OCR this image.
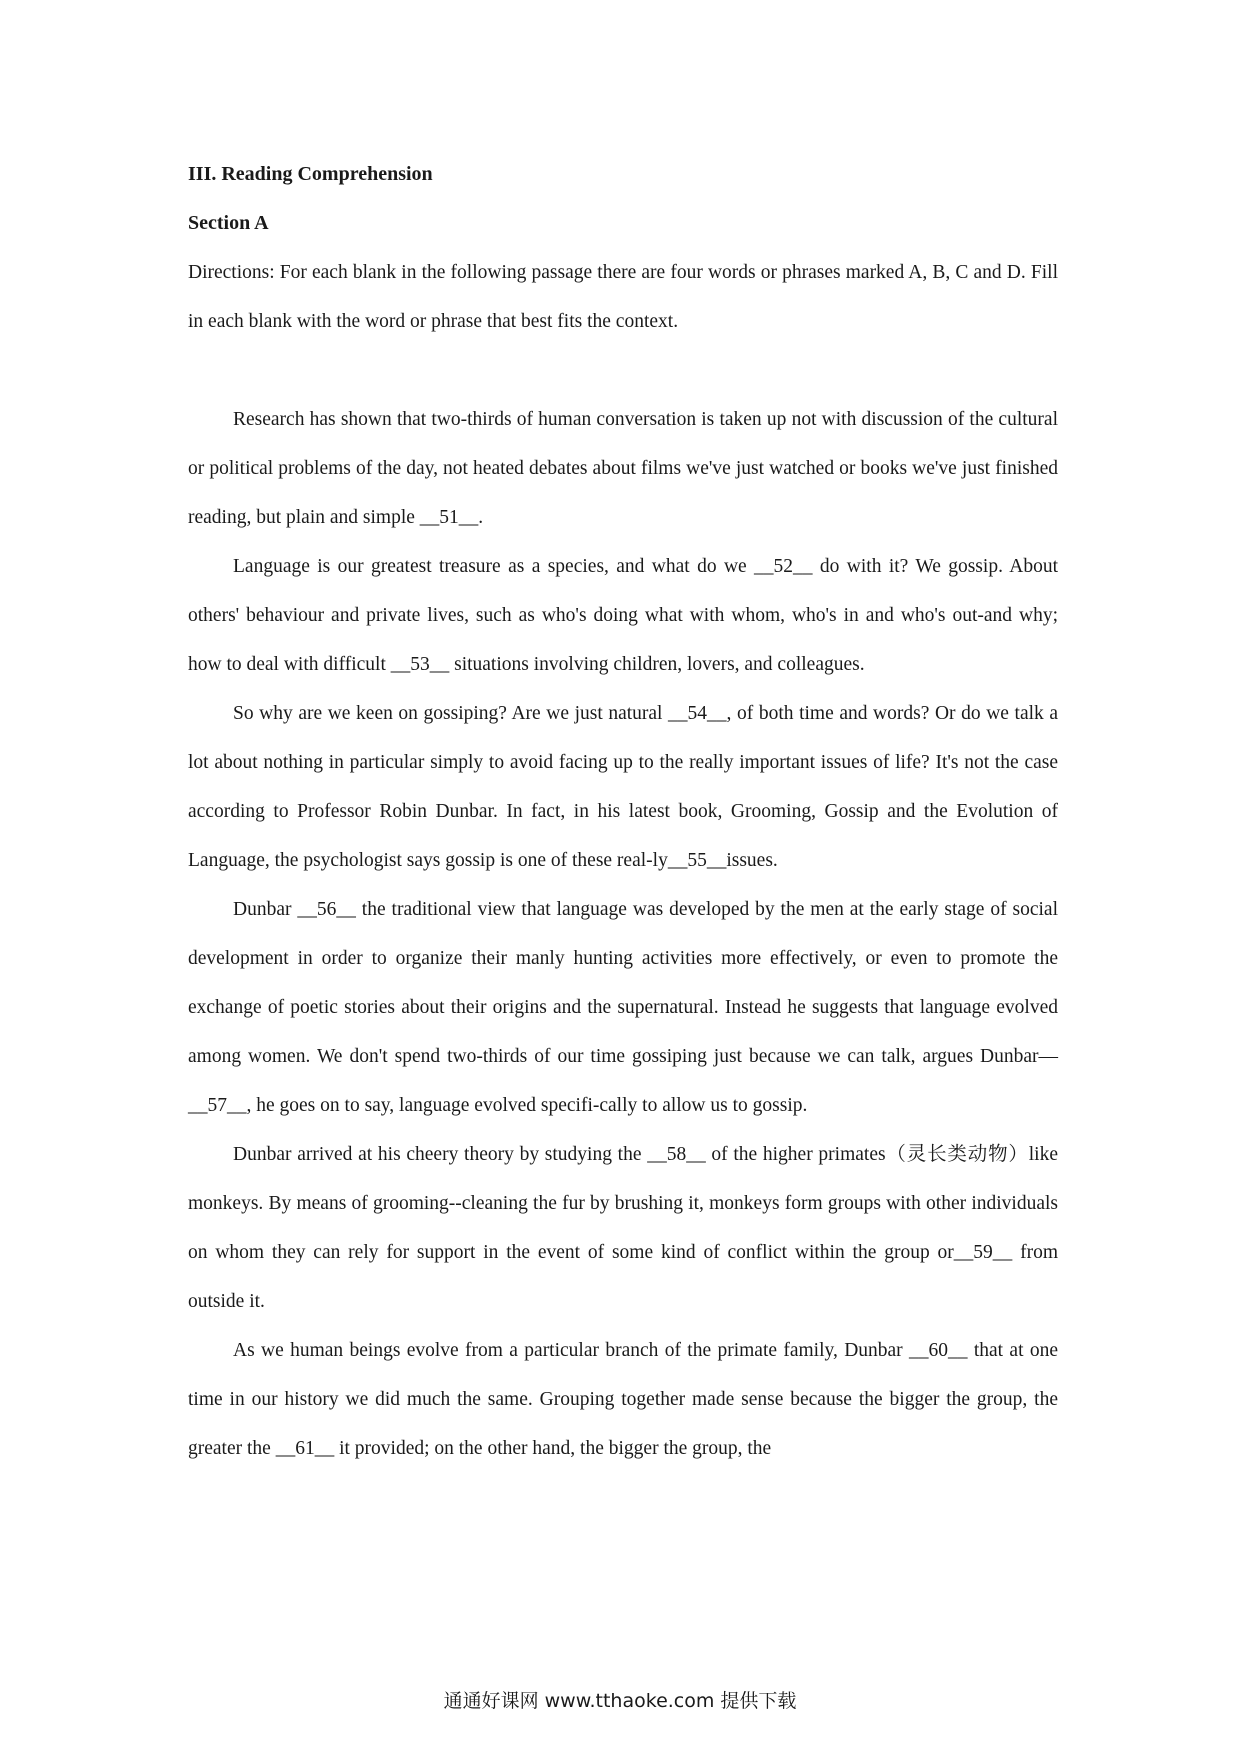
III. Reading Comprehension

Section A

Directions: For each blank in the following passage there are four words or phrases marked A, B, C and D. Fill in each blank with the word or phrase that best fits the context.

Research has shown that two-thirds of human conversation is taken up not with discussion of the cultural or political problems of the day, not heated debates about films we've just watched or books we've just finished reading, but plain and simple __51__.

Language is our greatest treasure as a species, and what do we __52__ do with it? We gossip. About others' behaviour and private lives, such as who's doing what with whom, who's in and who's out-and why; how to deal with difficult __53__ situations involving children, lovers, and colleagues.

So why are we keen on gossiping? Are we just natural __54__, of both time and words? Or do we talk a lot about nothing in particular simply to avoid facing up to the really important issues of life? It's not the case according to Professor Robin Dunbar. In fact, in his latest book, Grooming, Gossip and the Evolution of Language, the psychologist says gossip is one of these real-ly__55__issues.

Dunbar __56__ the traditional view that language was developed by the men at the early stage of social development in order to organize their manly hunting activities more effectively, or even to promote the exchange of poetic stories about their origins and the supernatural. Instead he suggests that language evolved among women. We don't spend two-thirds of our time gossiping just because we can talk, argues Dunbar—__57__, he goes on to say, language evolved specifi-cally to allow us to gossip.

Dunbar arrived at his cheery theory by studying the __58__ of the higher primates（灵长类动物）like monkeys. By means of grooming--cleaning the fur by brushing it, monkeys form groups with other individuals on whom they can rely for support in the event of some kind of conflict within the group or__59__ from outside it.

As we human beings evolve from a particular branch of the primate family, Dunbar __60__ that at one time in our history we did much the same. Grouping together made sense because the bigger the group, the greater the __61__ it provided; on the other hand, the bigger the group, the

通通好课网 www.tthaoke.com 提供下载
